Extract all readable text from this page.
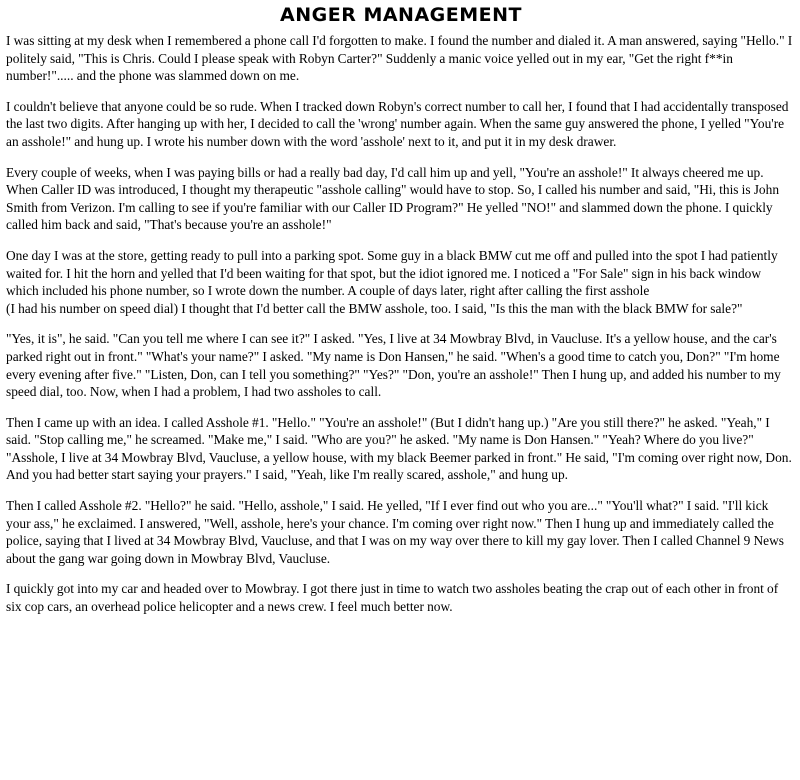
ANGER MANAGEMENT

I was sitting at my desk when I remembered a phone call I'd forgotten to make. I found the number and dialed it. A man answered, saying "Hello." I politely said, "This is Chris. Could I please speak with Robyn Carter?" Suddenly a manic voice yelled out in my ear, "Get the right f**in number!"..... and the phone was slammed down on me.

I couldn't believe that anyone could be so rude. When I tracked down Robyn's correct number to call her, I found that I had accidentally transposed the last two digits. After hanging up with her, I decided to call the 'wrong' number again. When the same guy answered the phone, I yelled "You're an asshole!" and hung up. I wrote his number down with the word 'asshole' next to it, and put it in my desk drawer.

Every couple of weeks, when I was paying bills or had a really bad day, I'd call him up and yell, "You're an asshole!" It always cheered me up. When Caller ID was introduced, I thought my therapeutic "asshole calling" would have to stop. So, I called his number and said, "Hi, this is John Smith from Verizon. I'm calling to see if you're familiar with our Caller ID Program?" He yelled "NO!" and slammed down the phone. I quickly called him back and said, "That's because you're an asshole!"

One day I was at the store, getting ready to pull into a parking spot. Some guy in a black BMW cut me off and pulled into the spot I had patiently waited for. I hit the horn and yelled that I'd been waiting for that spot, but the idiot ignored me. I noticed a "For Sale" sign in his back window which included his phone number, so I wrote down the number. A couple of days later, right after calling the first asshole

(I had his number on speed dial) I thought that I'd better call the BMW asshole, too. I said, "Is this the man with the black BMW for sale?"

"Yes, it is", he said. "Can you tell me where I can see it?" I asked. "Yes, I live at 34 Mowbray Blvd, in Vaucluse. It's a yellow house, and the car's parked right out in front." "What's your name?" I asked. "My name is Don Hansen," he said. "When's a good time to catch you, Don?" "I'm home every evening after five." "Listen, Don, can I tell you something?" "Yes?" "Don, you're an asshole!" Then I hung up, and added his number to my speed dial, too. Now, when I had a problem, I had two assholes to call.

Then I came up with an idea. I called Asshole #1. "Hello." "You're an asshole!" (But I didn't hang up.) "Are you still there?" he asked. "Yeah," I said. "Stop calling me," he screamed. "Make me," I said. "Who are you?" he asked. "My name is Don Hansen." "Yeah? Where do you live?" "Asshole, I live at 34 Mowbray Blvd, Vaucluse, a yellow house, with my black Beemer parked in front." He said, "I'm coming over right now, Don. And you had better start saying your prayers." I said, "Yeah, like I'm really scared, asshole," and hung up.

Then I called Asshole #2. "Hello?" he said. "Hello, asshole," I said. He yelled, "If I ever find out who you are..." "You'll what?" I said. "I'll kick your ass," he exclaimed. I answered, "Well, asshole, here's your chance. I'm coming over right now." Then I hung up and immediately called the police, saying that I lived at 34 Mowbray Blvd, Vaucluse, and that I was on my way over there to kill my gay lover. Then I called Channel 9 News about the gang war going down in Mowbray Blvd, Vaucluse.

I quickly got into my car and headed over to Mowbray. I got there just in time to watch two assholes beating the crap out of each other in front of six cop cars, an overhead police helicopter and a news crew. I feel much better now.
